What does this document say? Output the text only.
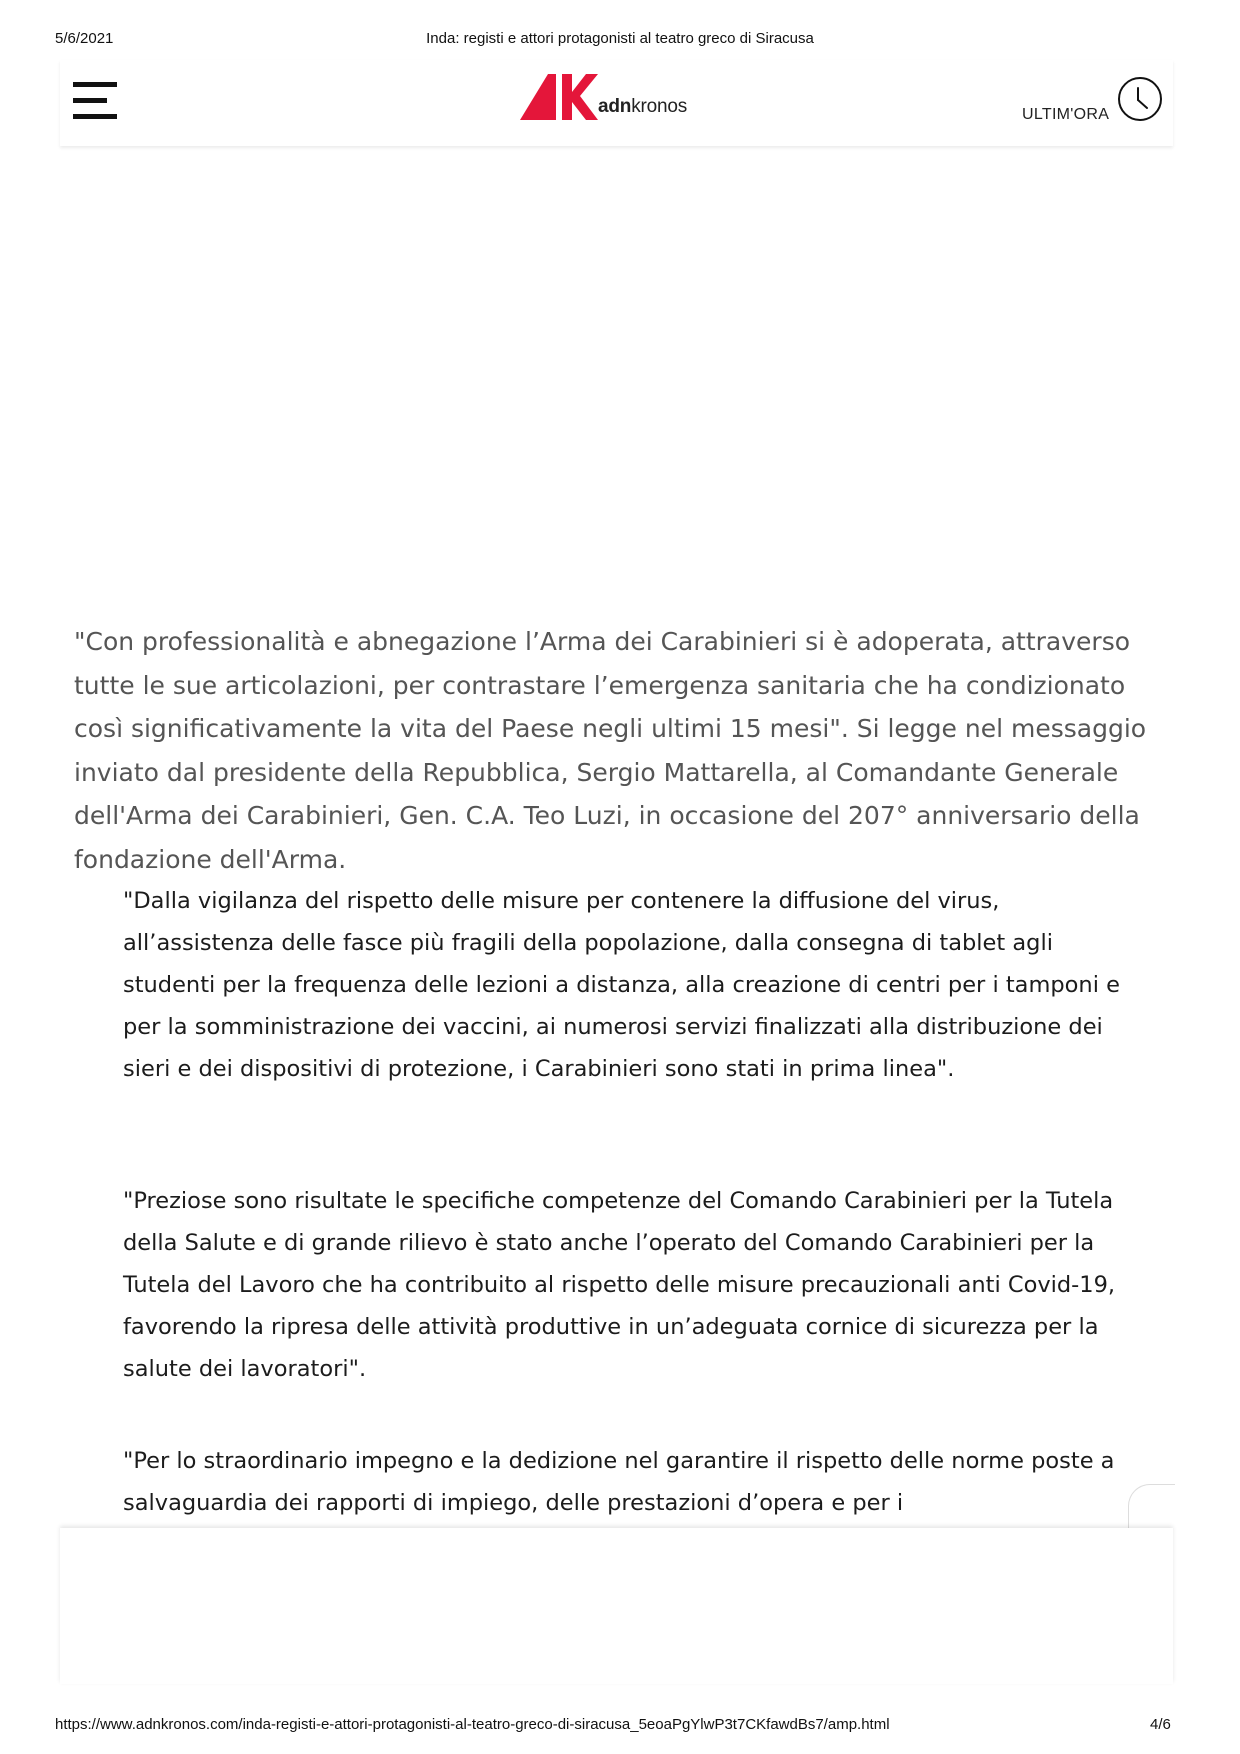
5/6/2021	Inda: registi e attori protagonisti al teatro greco di Siracusa
adnkronos	ULTIM'ORA

"Con professionalità e abnegazione l’Arma dei Carabinieri si è adoperata, attraverso tutte le sue articolazioni, per contrastare l’emergenza sanitaria che ha condizionato così significativamente la vita del Paese negli ultimi 15 mesi". Si legge nel messaggio inviato dal presidente della Repubblica, Sergio Mattarella, al Comandante Generale dell'Arma dei Carabinieri, Gen. C.A. Teo Luzi, in occasione del 207° anniversario della fondazione dell'Arma.

"Dalla vigilanza del rispetto delle misure per contenere la diffusione del virus, all’assistenza delle fasce più fragili della popolazione, dalla consegna di tablet agli studenti per la frequenza delle lezioni a distanza, alla creazione di centri per i tamponi e per la somministrazione dei vaccini, ai numerosi servizi finalizzati alla distribuzione dei sieri e dei dispositivi di protezione, i Carabinieri sono stati in prima linea".

"Preziose sono risultate le specifiche competenze del Comando Carabinieri per la Tutela della Salute e di grande rilievo è stato anche l’operato del Comando Carabinieri per la Tutela del Lavoro che ha contribuito al rispetto delle misure precauzionali anti Covid-19, favorendo la ripresa delle attività produttive in un’adeguata cornice di sicurezza per la salute dei lavoratori".

"Per lo straordinario impegno e la dedizione nel garantire il rispetto delle norme poste a salvaguardia dei rapporti di impiego, delle prestazioni d’opera e per i

https://www.adnkronos.com/inda-registi-e-attori-protagonisti-al-teatro-greco-di-siracusa_5eoaPgYlwP3t7CKfawdBs7/amp.html	4/6
